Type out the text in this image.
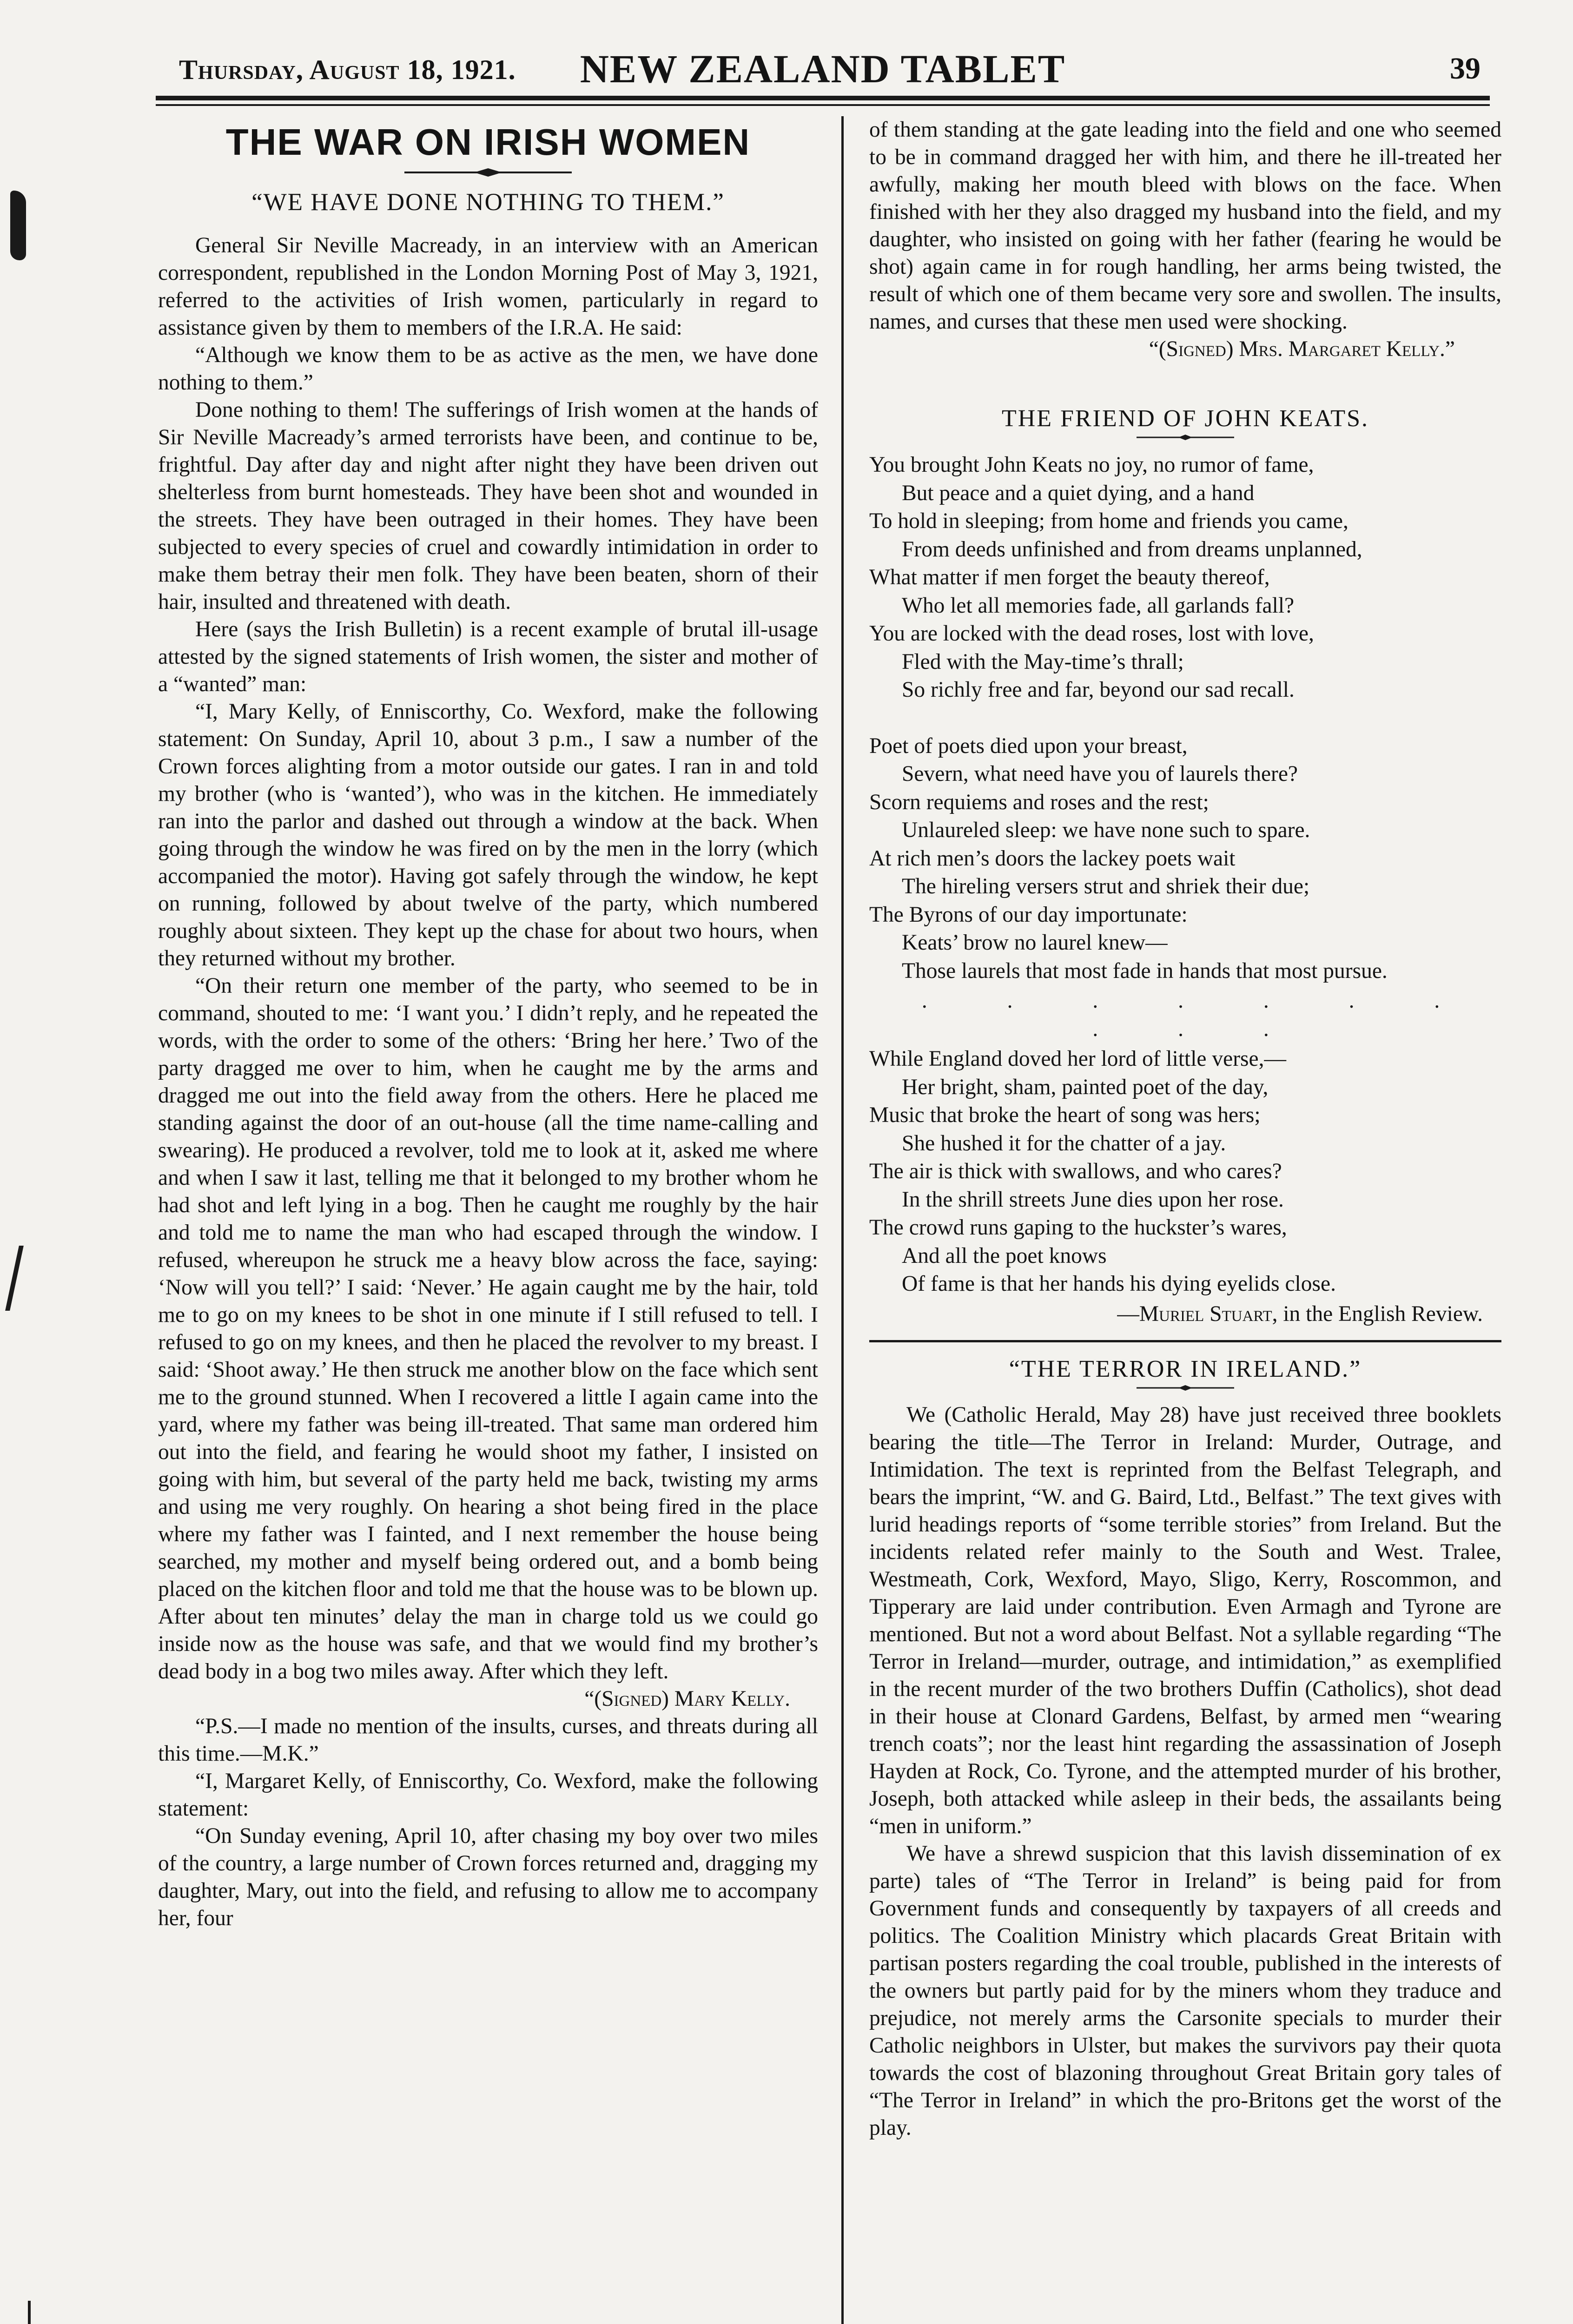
Thursday, August 18, 1921.	NEW ZEALAND TABLET	39
THE WAR ON IRISH WOMEN
“WE HAVE DONE NOTHING TO THEM.”

General Sir Neville Macready, in an interview with an American correspondent, republished in the London Morning Post of May 3, 1921, referred to the activities of Irish women, particularly in regard to assistance given by them to members of the I.R.A. He said:

“Although we know them to be as active as the men, we have done nothing to them.”

Done nothing to them! The sufferings of Irish women at the hands of Sir Neville Macready’s armed terrorists have been, and continue to be, frightful. Day after day and night after night they have been driven out shelterless from burnt homesteads. They have been shot and wounded in the streets. They have been outraged in their homes. They have been subjected to every species of cruel and cowardly intimidation in order to make them betray their men folk. They have been beaten, shorn of their hair, insulted and threatened with death.

Here (says the Irish Bulletin) is a recent example of brutal ill-usage attested by the signed statements of Irish women, the sister and mother of a “wanted” man:

“I, Mary Kelly, of Enniscorthy, Co. Wexford, make the following statement: On Sunday, April 10, about 3 p.m., I saw a number of the Crown forces alighting from a motor outside our gates. I ran in and told my brother (who is ‘wanted’), who was in the kitchen. He immediately ran into the parlor and dashed out through a window at the back. When going through the window he was fired on by the men in the lorry (which accompanied the motor). Having got safely through the window, he kept on running, followed by about twelve of the party, which numbered roughly about sixteen. They kept up the chase for about two hours, when they returned without my brother.

“On their return one member of the party, who seemed to be in command, shouted to me: ‘I want you.’ I didn’t reply, and he repeated the words, with the order to some of the others: ‘Bring her here.’ Two of the party dragged me over to him, when he caught me by the arms and dragged me out into the field away from the others. Here he placed me standing against the door of an out-house (all the time name-calling and swearing). He produced a revolver, told me to look at it, asked me where and when I saw it last, telling me that it belonged to my brother whom he had shot and left lying in a bog. Then he caught me roughly by the hair and told me to name the man who had escaped through the window. I refused, whereupon he struck me a heavy blow across the face, saying: ‘Now will you tell?’ I said: ‘Never.’ He again caught me by the hair, told me to go on my knees to be shot in one minute if I still refused to tell. I refused to go on my knees, and then he placed the revolver to my breast. I said: ‘Shoot away.’ He then struck me another blow on the face which sent me to the ground stunned. When I recovered a little I again came into the yard, where my father was being ill-treated. That same man ordered him out into the field, and fearing he would shoot my father, I insisted on going with him, but several of the party held me back, twisting my arms and using me very roughly. On hearing a shot being fired in the place where my father was I fainted, and I next remember the house being searched, my mother and myself being ordered out, and a bomb being placed on the kitchen floor and told me that the house was to be blown up. After about ten minutes’ delay the man in charge told us we could go inside now as the house was safe, and that we would find my brother’s dead body in a bog two miles away. After which they left.

“(Signed) Mary Kelly.

“P.S.—I made no mention of the insults, curses, and threats during all this time.—M.K.”

“I, Margaret Kelly, of Enniscorthy, Co. Wexford, make the following statement:

“On Sunday evening, April 10, after chasing my boy over two miles of the country, a large number of Crown forces returned and, dragging my daughter, Mary, out into the field, and refusing to allow me to accompany her, four

of them standing at the gate leading into the field and one who seemed to be in command dragged her with him, and there he ill-treated her awfully, making her mouth bleed with blows on the face. When finished with her they also dragged my husband into the field, and my daughter, who insisted on going with her father (fearing he would be shot) again came in for rough handling, her arms being twisted, the result of which one of them became very sore and swollen. The insults, names, and curses that these men used were shocking.

“(Signed) Mrs. Margaret Kelly.”
THE FRIEND OF JOHN KEATS.
You brought John Keats no joy, no rumor of fame,
But peace and a quiet dying, and a hand
To hold in sleeping; from home and friends you came,
From deeds unfinished and from dreams unplanned,
What matter if men forget the beauty thereof,
Who let all memories fade, all garlands fall?
You are locked with the dead roses, lost with love,
Fled with the May-time’s thrall;
So richly free and far, beyond our sad recall.
Poet of poets died upon your breast,
Severn, what need have you of laurels there?
Scorn requiems and roses and the rest;
Unlaureled sleep: we have none such to spare.
At rich men’s doors the lackey poets wait
The hireling versers strut and shriek their due;
The Byrons of our day importunate:
Keats’ brow no laurel knew—
Those laurels that most fade in hands that most pursue.
. . . . . . . . . .
While England doved her lord of little verse,—
Her bright, sham, painted poet of the day,
Music that broke the heart of song was hers;
She hushed it for the chatter of a jay.
The air is thick with swallows, and who cares?
In the shrill streets June dies upon her rose.
The crowd runs gaping to the huckster’s wares,
And all the poet knows
Of fame is that her hands his dying eyelids close.
—Muriel Stuart, in the English Review.
“THE TERROR IN IRELAND.”

We (Catholic Herald, May 28) have just received three booklets bearing the title—The Terror in Ireland: Murder, Outrage, and Intimidation. The text is reprinted from the Belfast Telegraph, and bears the imprint, “W. and G. Baird, Ltd., Belfast.” The text gives with lurid headings reports of “some terrible stories” from Ireland. But the incidents related refer mainly to the South and West. Tralee, Westmeath, Cork, Wexford, Mayo, Sligo, Kerry, Roscommon, and Tipperary are laid under contribution. Even Armagh and Tyrone are mentioned. But not a word about Belfast. Not a syllable regarding “The Terror in Ireland—murder, outrage, and intimidation,” as exemplified in the recent murder of the two brothers Duffin (Catholics), shot dead in their house at Clonard Gardens, Belfast, by armed men “wearing trench coats”; nor the least hint regarding the assassination of Joseph Hayden at Rock, Co. Tyrone, and the attempted murder of his brother, Joseph, both attacked while asleep in their beds, the assailants being “men in uniform.”

We have a shrewd suspicion that this lavish dissemination of ex parte) tales of “The Terror in Ireland” is being paid for from Government funds and consequently by taxpayers of all creeds and politics. The Coalition Ministry which placards Great Britain with partisan posters regarding the coal trouble, published in the interests of the owners but partly paid for by the miners whom they traduce and prejudice, not merely arms the Carsonite specials to murder their Catholic neighbors in Ulster, but makes the survivors pay their quota towards the cost of blazoning throughout Great Britain gory tales of “The Terror in Ireland” in which the pro-Britons get the worst of the play.
